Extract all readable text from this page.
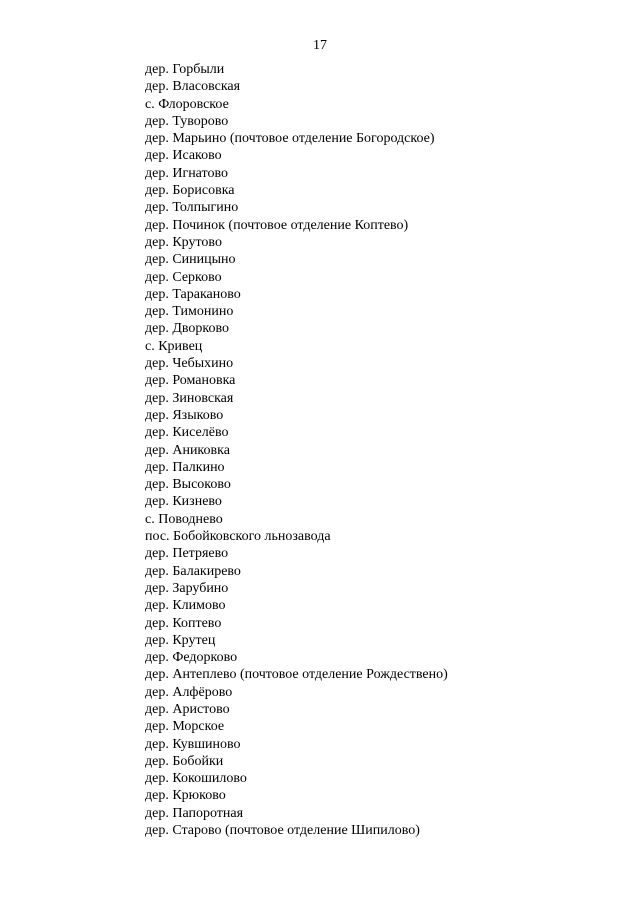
17
дер. Горбыли
дер. Власовская
с. Флоровское
дер. Туворово
дер. Марьино (почтовое отделение Богородское)
дер. Исаково
дер. Игнатово
дер. Борисовка
дер. Толпыгино
дер. Починок (почтовое отделение Коптево)
дер. Крутово
дер. Синицыно
дер. Серково
дер. Тараканово
дер. Тимонино
дер. Дворково
с. Кривец
дер. Чебыхино
дер. Романовка
дер. Зиновская
дер. Языково
дер. Киселёво
дер. Аниковка
дер. Палкино
дер. Высоково
дер. Кизнево
с. Поводнево
пос. Бобойковского льнозавода
дер. Петряево
дер. Балакирево
дер. Зарубино
дер. Климово
дер. Коптево
дер. Крутец
дер. Федорково
дер. Антеплево (почтовое отделение Рождествено)
дер. Алфёрово
дер. Аристово
дер. Морское
дер. Кувшиново
дер. Бобойки
дер. Кокошилово
дер. Крюково
дер. Папоротная
дер. Старово (почтовое отделение Шипилово)
